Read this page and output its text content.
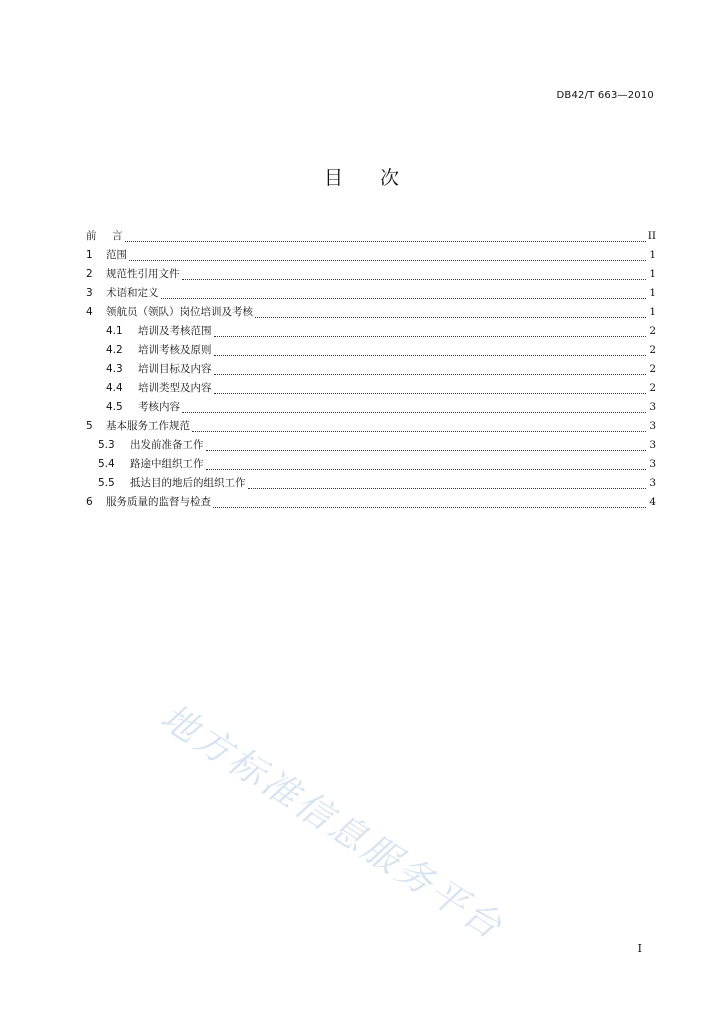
DB42/T 663—2010
目 次
前	言	II
1	范围	1
2	规范性引用文件	1
3	术语和定义	1
4	领航员（领队）岗位培训及考核	1
4.1	培训及考核范围	2
4.2	培训考核及原则	2
4.3	培训目标及内容	2
4.4	培训类型及内容	2
4.5	考核内容	3
5	基本服务工作规范	3
5.3	出发前准备工作	3
5.4	路途中组织工作	3
5.5	抵达目的地后的组织工作	3
6	服务质量的监督与检查	4
地方标准信息服务平台	I
